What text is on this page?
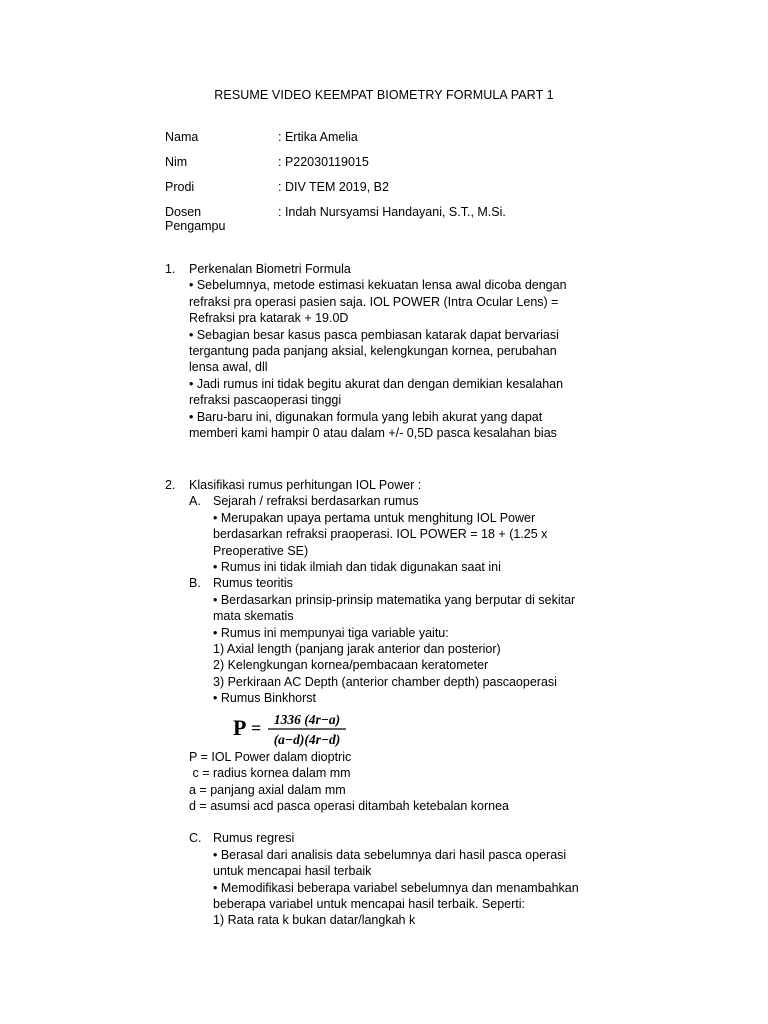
RESUME VIDEO KEEMPAT BIOMETRY FORMULA PART 1
Nama	: Ertika Amelia
Nim	: P22030119015
Prodi	: DIV TEM 2019, B2
Dosen Pengampu
: Indah Nursyamsi Handayani, S.T., M.Si.
1. Perkenalan Biometri Formula
• Sebelumnya, metode estimasi kekuatan lensa awal dicoba dengan
refraksi pra operasi pasien saja. IOL POWER (Intra Ocular Lens) =
Refraksi pra katarak + 19.0D
• Sebagian besar kasus pasca pembiasan katarak dapat bervariasi
tergantung pada panjang aksial, kelengkungan kornea, perubahan
lensa awal, dll
• Jadi rumus ini tidak begitu akurat dan dengan demikian kesalahan
refraksi pascaoperasi tinggi
• Baru-baru ini, digunakan formula yang lebih akurat yang dapat
memberi kami hampir 0 atau dalam +/- 0,5D pasca kesalahan bias
2. Klasifikasi rumus perhitungan IOL Power :
A. Sejarah / refraksi berdasarkan rumus
• Merupakan upaya pertama untuk menghitung IOL Power
berdasarkan refraksi praoperasi. IOL POWER = 18 + (1.25 x
Preoperative SE)
• Rumus ini tidak ilmiah dan tidak digunakan saat ini
B. Rumus teoritis
• Berdasarkan prinsip-prinsip matematika yang berputar di sekitar
mata skematis
• Rumus ini mempunyai tiga variable yaitu:
1) Axial length (panjang jarak anterior dan posterior)
2) Kelengkungan kornea/pembacaan keratometer
3) Perkiraan AC Depth (anterior chamber depth) pascaoperasi
• Rumus Binkhorst
P = 1336 (4r−a)
(a−d)(4r−d)
P = IOL Power dalam dioptric
c = radius kornea dalam mm
a = panjang axial dalam mm
d = asumsi acd pasca operasi ditambah ketebalan kornea
C. Rumus regresi
• Berasal dari analisis data sebelumnya dari hasil pasca operasi
untuk mencapai hasil terbaik
• Memodifikasi beberapa variabel sebelumnya dan menambahkan
beberapa variabel untuk mencapai hasil terbaik. Seperti:
1) Rata rata k bukan datar/langkah k
